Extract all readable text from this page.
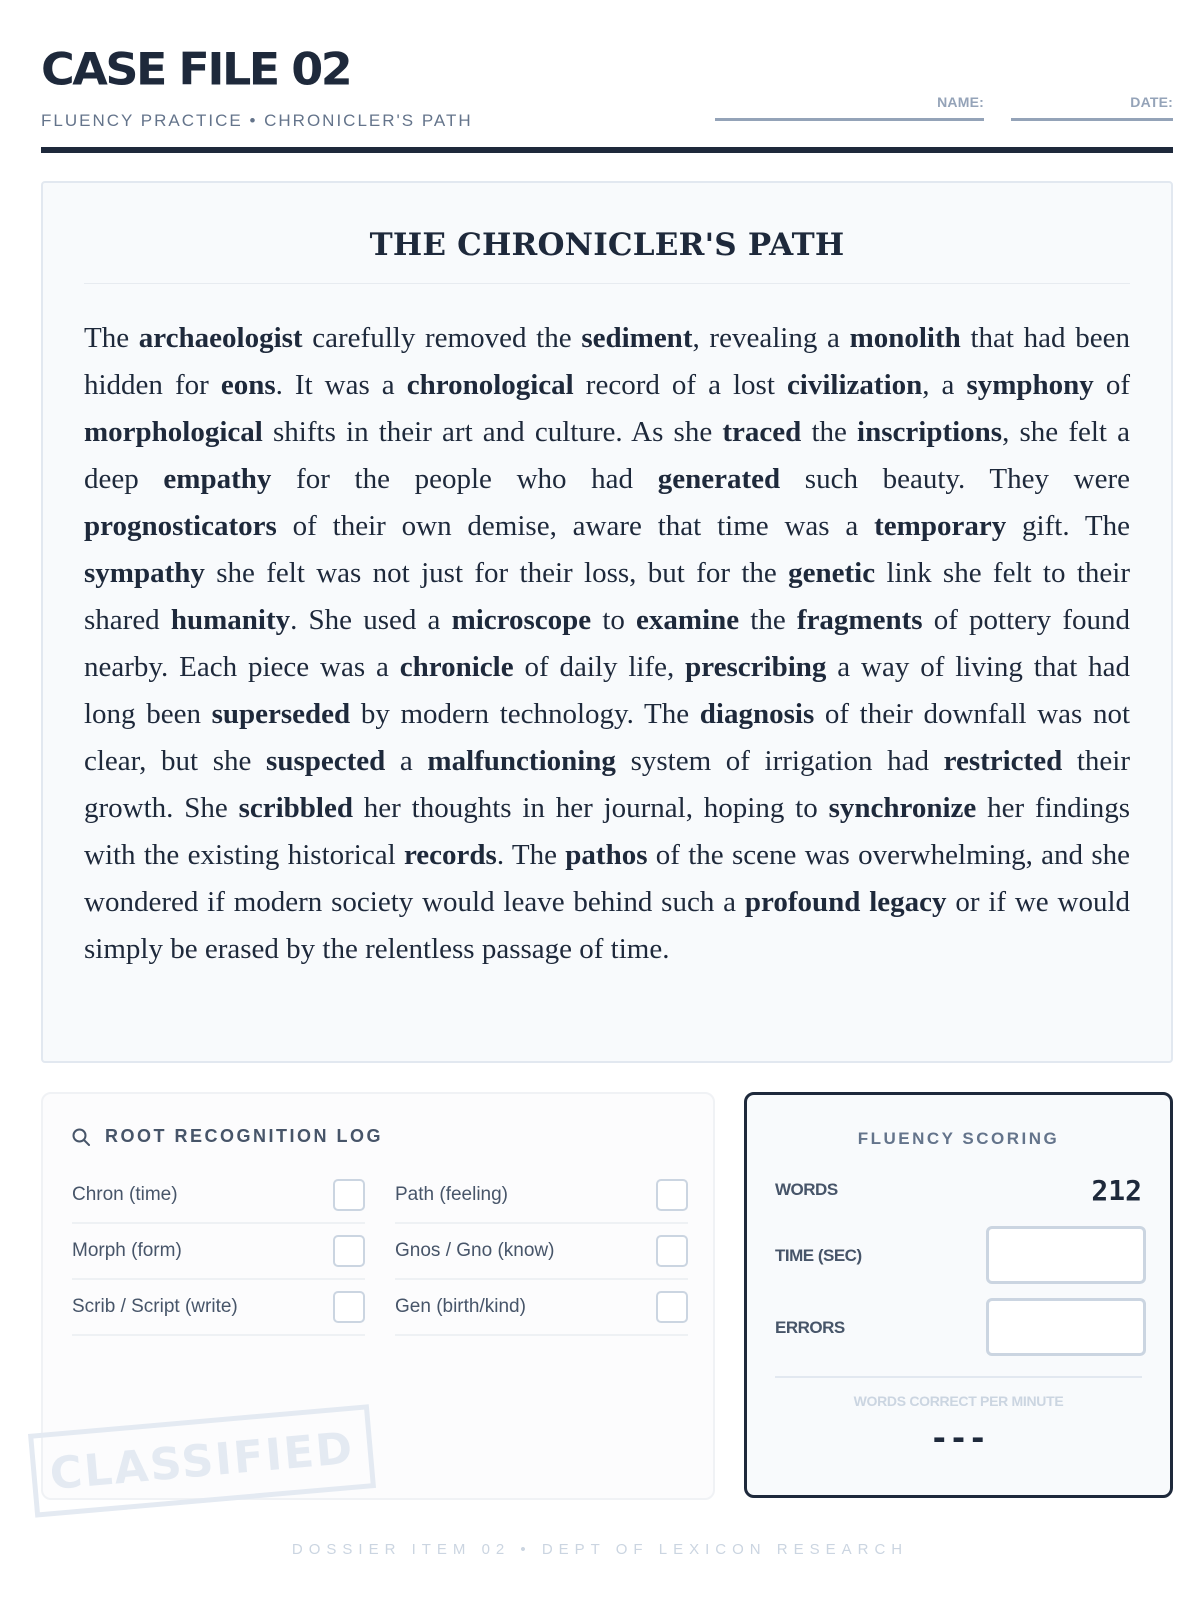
CASE FILE 02
FLUENCY PRACTICE • CHRONICLER'S PATH
NAME:	DATE:
THE CHRONICLER'S PATH

The archaeologist carefully removed the sediment, revealing a monolith that had been hidden for eons. It was a chronological record of a lost civilization, a symphony of morphological shifts in their art and culture. As she traced the inscriptions, she felt a deep empathy for the people who had generated such beauty. They were prognosticators of their own demise, aware that time was a temporary gift. The sympathy she felt was not just for their loss, but for the genetic link she felt to their shared humanity. She used a microscope to examine the fragments of pottery found nearby. Each piece was a chronicle of daily life, prescribing a way of living that had long been superseded by modern technology. The diagnosis of their downfall was not clear, but she suspected a malfunctioning system of irrigation had restricted their growth. She scribbled her thoughts in her journal, hoping to synchronize her findings with the existing historical records. The pathos of the scene was overwhelming, and she wondered if modern society would leave behind such a profound legacy or if we would simply be erased by the relentless passage of time.

ROOT RECOGNITION LOG
Chron (time)	Path (feeling)
Morph (form)	Gnos / Gno (know)
Scrib / Script (write)	Gen (birth/kind)
CLASSIFIED
FLUENCY SCORING
WORDS	212
TIME (SEC)
ERRORS
WORDS CORRECT PER MINUTE
---
DOSSIER ITEM 02 • DEPT OF LEXICON RESEARCH
